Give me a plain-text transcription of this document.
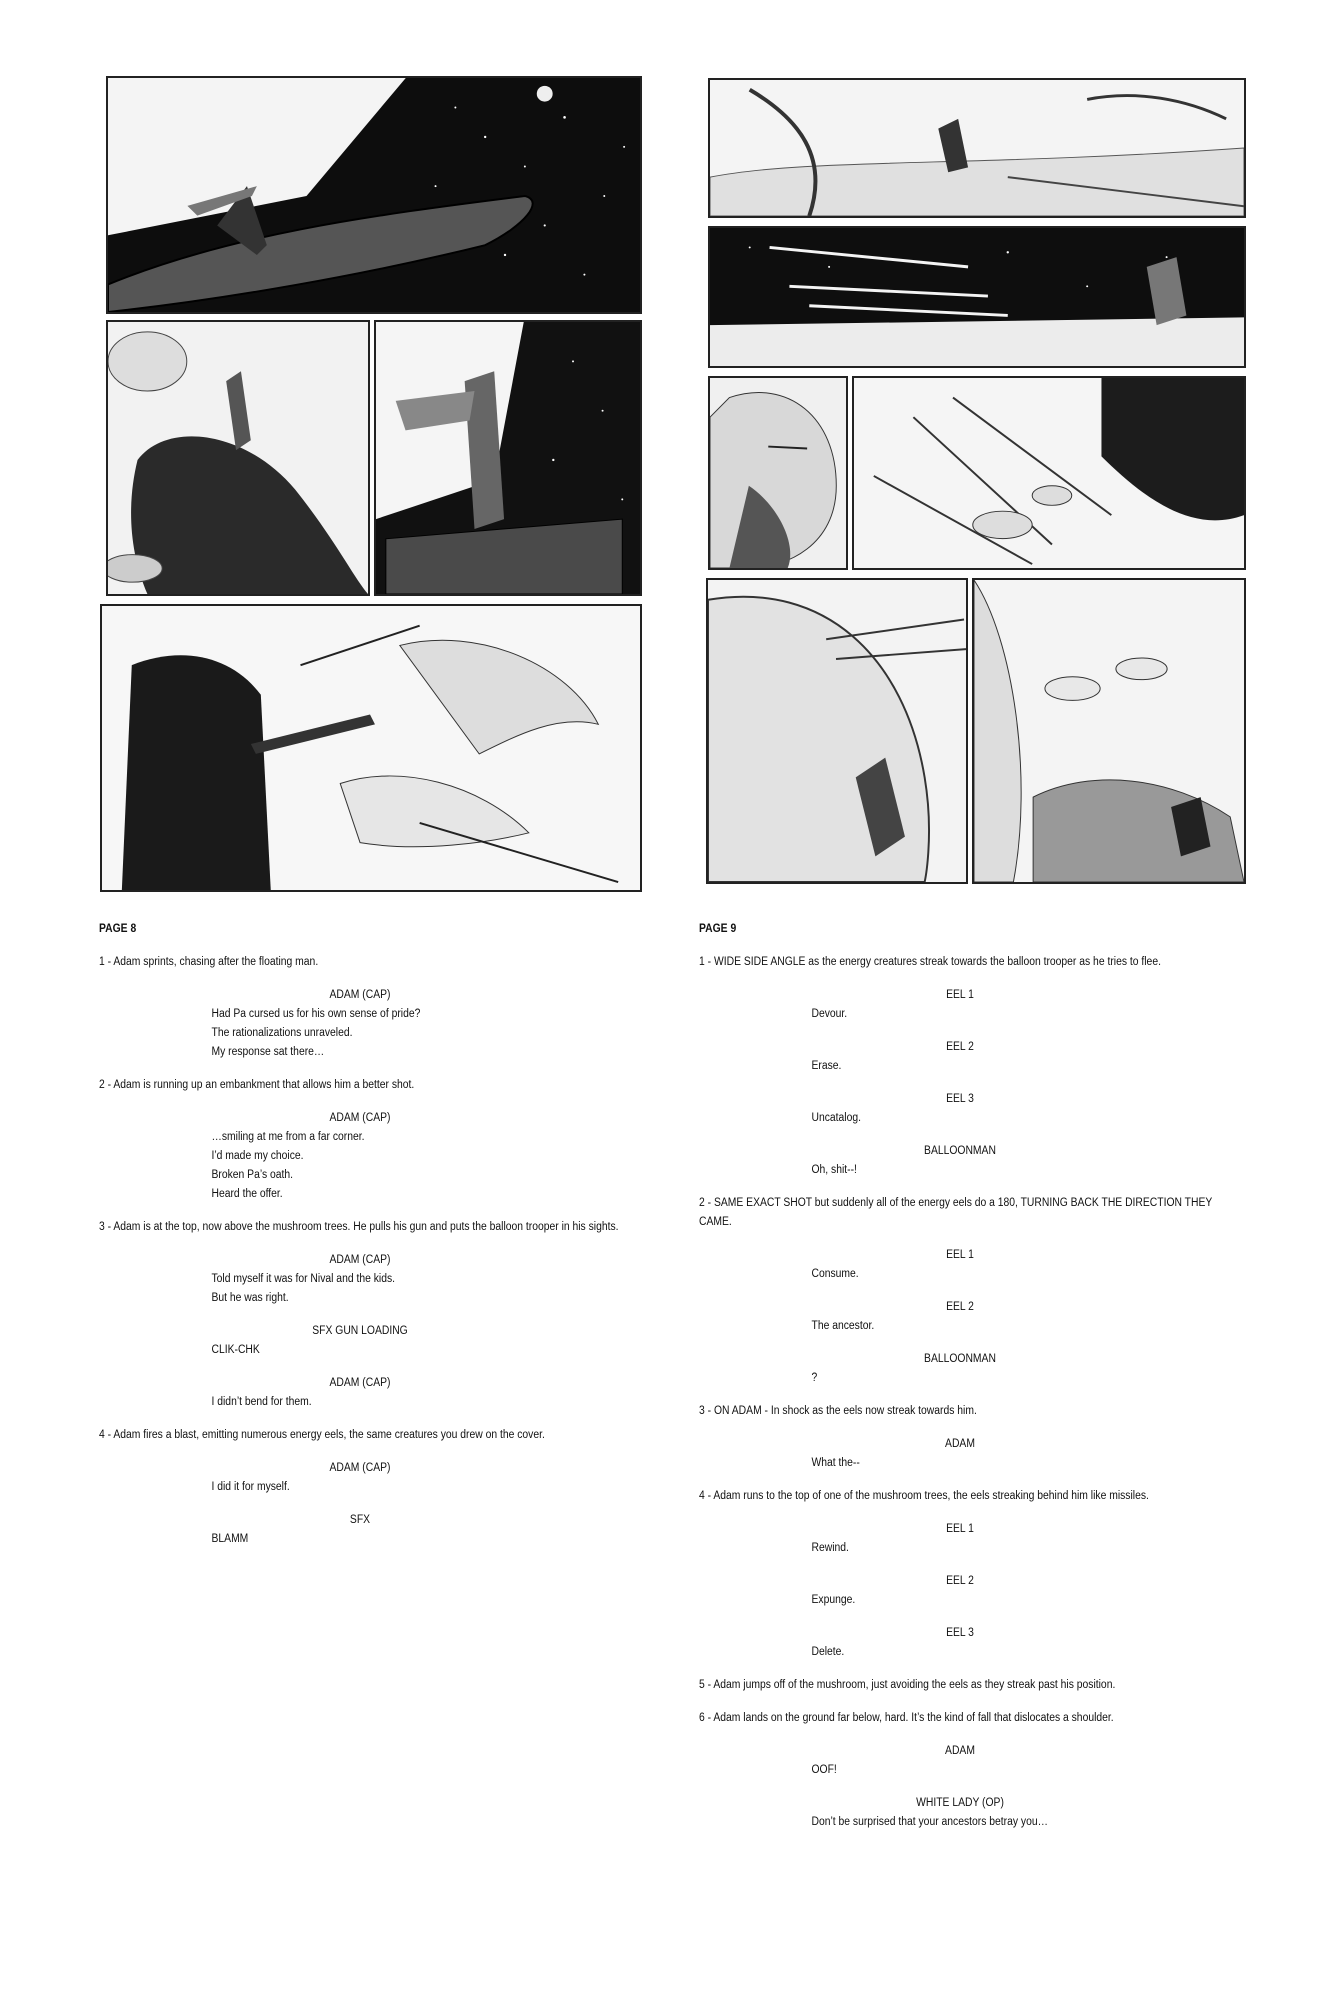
PAGE 8
1 - Adam sprints, chasing after the floating man.
ADAM (CAP)
Had Pa cursed us for his own sense of pride?
The rationalizations unraveled.
My response sat there…
2 - Adam is running up an embankment that allows him a better shot.
ADAM (CAP)
…smiling at me from a far corner.
I’d made my choice.
Broken Pa’s oath.
Heard the offer.
3 - Adam is at the top, now above the mushroom trees. He pulls his gun and puts the balloon trooper in his sights.
ADAM (CAP)
Told myself it was for Nival and the kids.
But he was right.
SFX GUN LOADING
CLIK-CHK
ADAM (CAP)
I didn’t bend for them.
4 - Adam fires a blast, emitting numerous energy eels, the same creatures you drew on the cover.
ADAM (CAP)
I did it for myself.
SFX
BLAMM
PAGE 9
1 - WIDE SIDE ANGLE as the energy creatures streak towards the balloon trooper as he tries to flee.
EEL 1
Devour.
EEL 2
Erase.
EEL 3
Uncatalog.
BALLOONMAN
Oh, shit--!
2 - SAME EXACT SHOT but suddenly all of the energy eels do a 180, TURNING BACK THE DIRECTION THEY CAME.
EEL 1
Consume.
EEL 2
The ancestor.
BALLOONMAN
?
3 - ON ADAM - In shock as the eels now streak towards him.
ADAM
What the--
4 - Adam runs to the top of one of the mushroom trees, the eels streaking behind him like missiles.
EEL 1
Rewind.
EEL 2
Expunge.
EEL 3
Delete.
5 - Adam jumps off of the mushroom, just avoiding the eels as they streak past his position.
6 - Adam lands on the ground far below, hard. It’s the kind of fall that dislocates a shoulder.
ADAM
OOF!
WHITE LADY (OP)
Don’t be surprised that your ancestors betray you…
